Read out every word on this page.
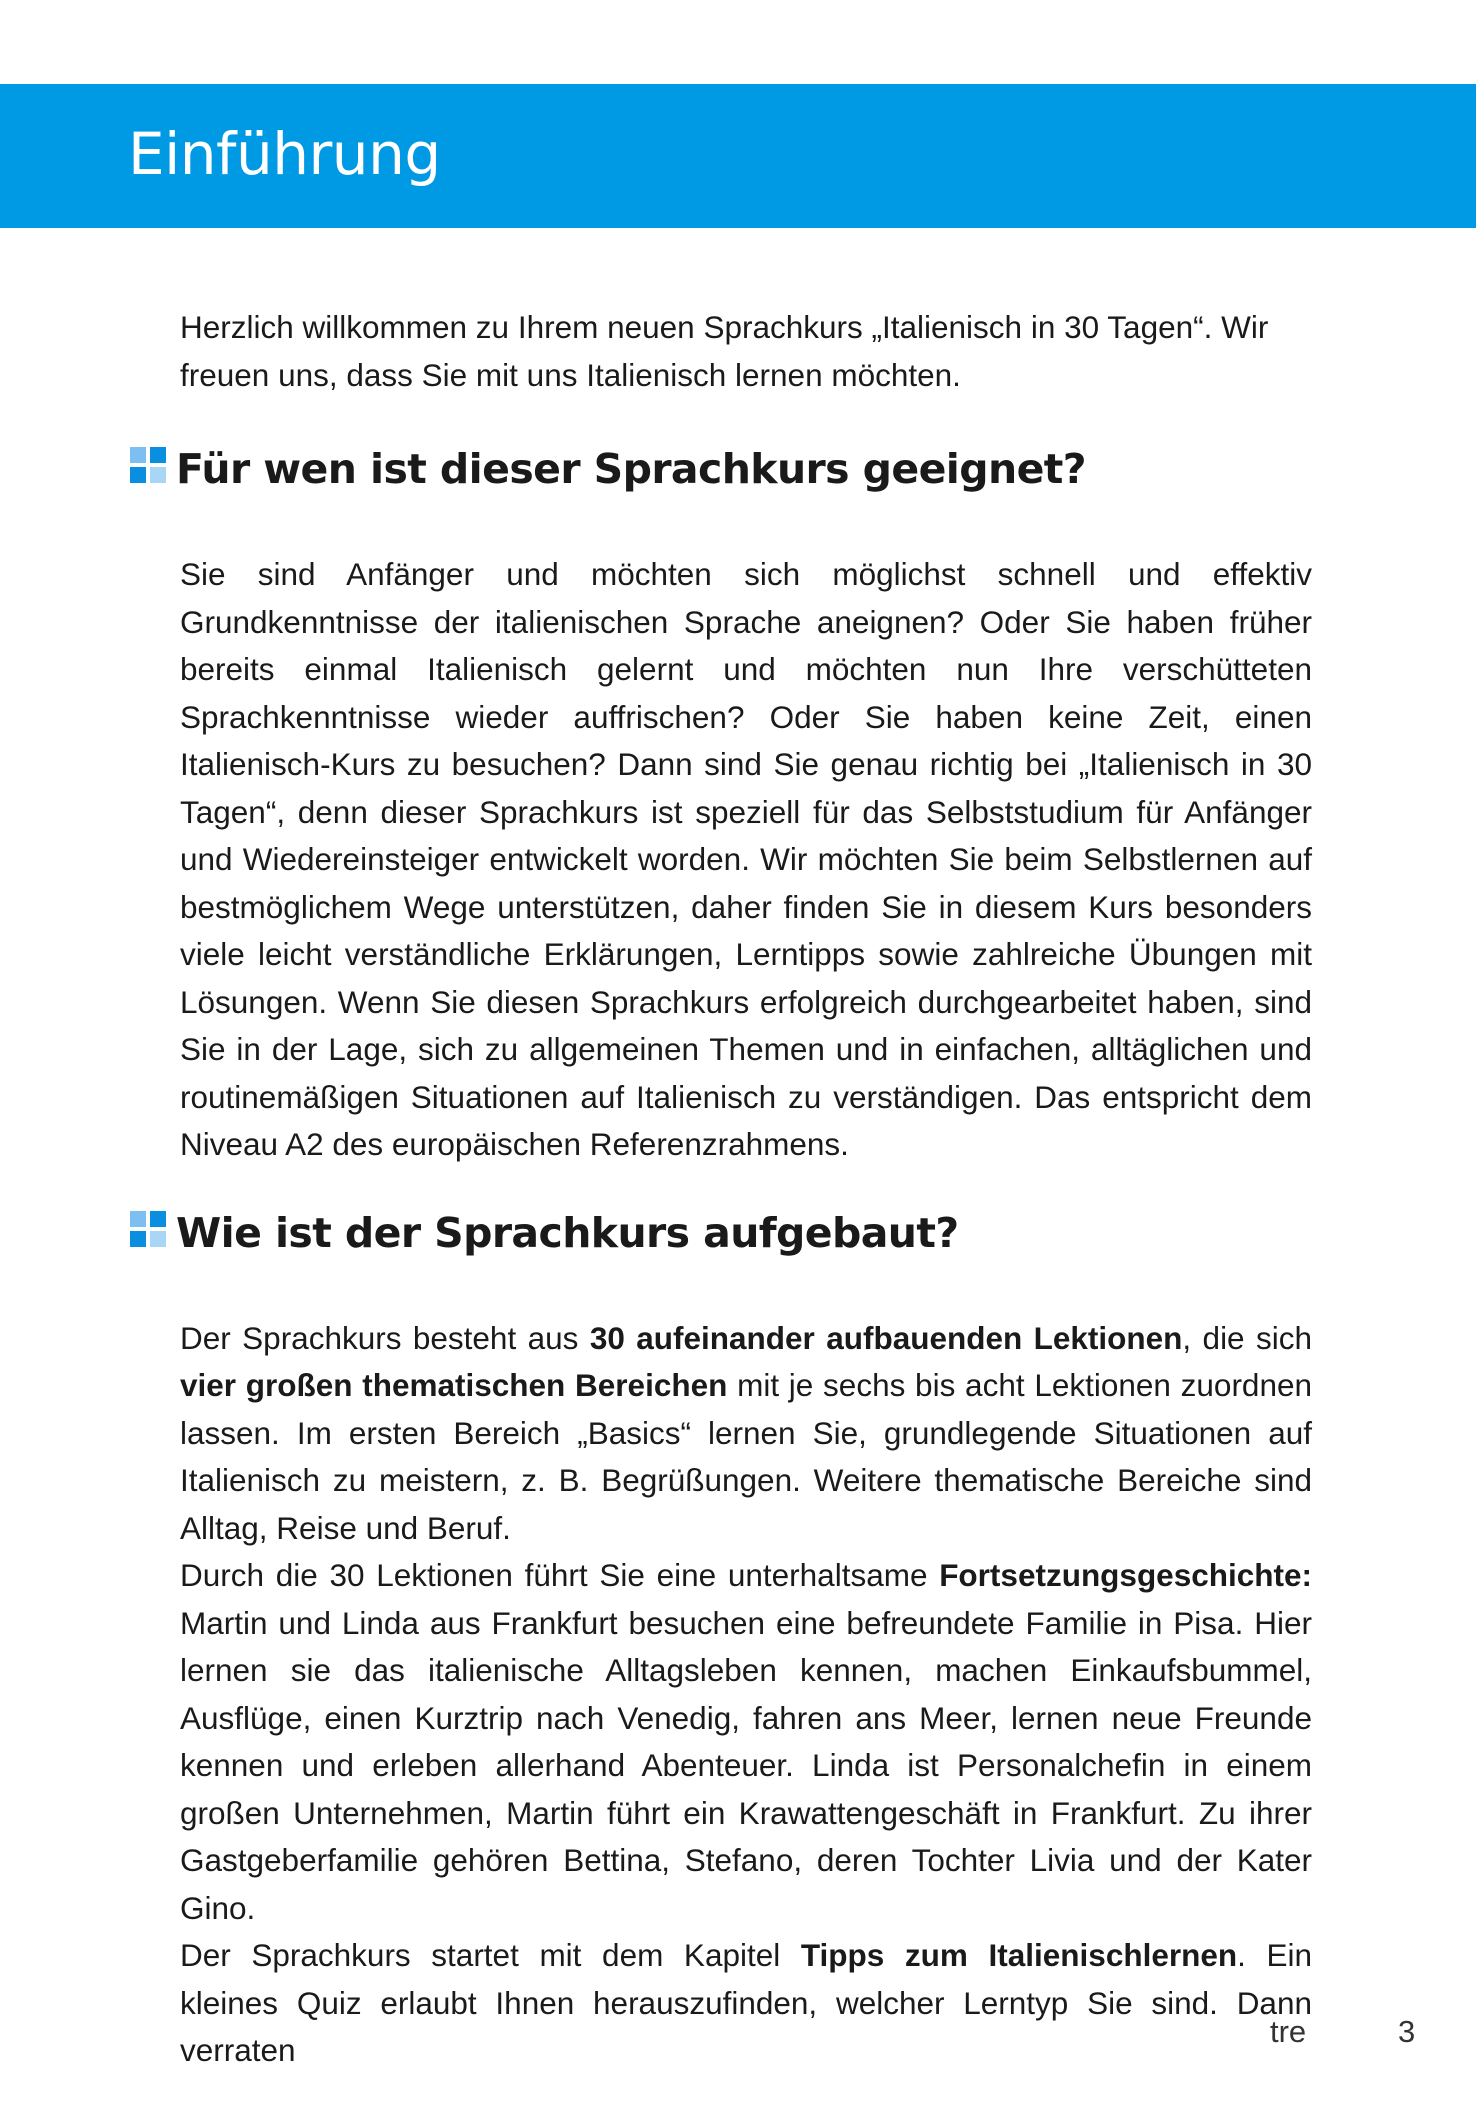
Einführung

Herzlich willkommen zu Ihrem neuen Sprachkurs „Italienisch in 30 Tagen“. Wir freuen uns, dass Sie mit uns Italienisch lernen möchten.

Für wen ist dieser Sprachkurs geeignet?

Sie sind Anfänger und möchten sich möglichst schnell und effektiv Grundkenntnisse der italienischen Sprache aneignen? Oder Sie haben früher bereits einmal Italienisch gelernt und möchten nun Ihre verschütteten Sprachkenntnisse wieder auffrischen? Oder Sie haben keine Zeit, einen Italienisch-Kurs zu besuchen? Dann sind Sie genau richtig bei „Italienisch in 30 Tagen“, denn dieser Sprachkurs ist speziell für das Selbststudium für Anfänger und Wiedereinsteiger entwickelt worden. Wir möchten Sie beim Selbstlernen auf bestmöglichem Wege unterstützen, daher finden Sie in diesem Kurs besonders viele leicht verständliche Erklärungen, Lerntipps sowie zahlreiche Übungen mit Lösungen. Wenn Sie diesen Sprachkurs erfolgreich durchgearbeitet haben, sind Sie in der Lage, sich zu allgemeinen Themen und in einfachen, alltäglichen und routinemäßigen Situationen auf Italienisch zu verständigen. Das entspricht dem Niveau A2 des europäischen Referenzrahmens.

Wie ist der Sprachkurs aufgebaut?

Der Sprachkurs besteht aus 30 aufeinander aufbauenden Lektionen, die sich vier großen thematischen Bereichen mit je sechs bis acht Lektionen zuordnen lassen. Im ersten Bereich „Basics“ lernen Sie, grundlegende Situationen auf Italienisch zu meistern, z. B. Begrüßungen. Weitere thematische Bereiche sind Alltag, Reise und Beruf.

Durch die 30 Lektionen führt Sie eine unterhaltsame Fortsetzungsgeschichte: Martin und Linda aus Frankfurt besuchen eine befreundete Familie in Pisa. Hier lernen sie das italienische Alltagsleben kennen, machen Einkaufsbummel, Ausflüge, einen Kurztrip nach Venedig, fahren ans Meer, lernen neue Freunde kennen und erleben allerhand Abenteuer. Linda ist Personalchefin in einem großen Unternehmen, Martin führt ein Krawattengeschäft in Frankfurt. Zu ihrer Gastgeberfamilie gehören Bettina, Stefano, deren Tochter Livia und der Kater Gino.

Der Sprachkurs startet mit dem Kapitel Tipps zum Italienischlernen. Ein kleines Quiz erlaubt Ihnen herauszufinden, welcher Lerntyp Sie sind. Dann verraten

tre	3
